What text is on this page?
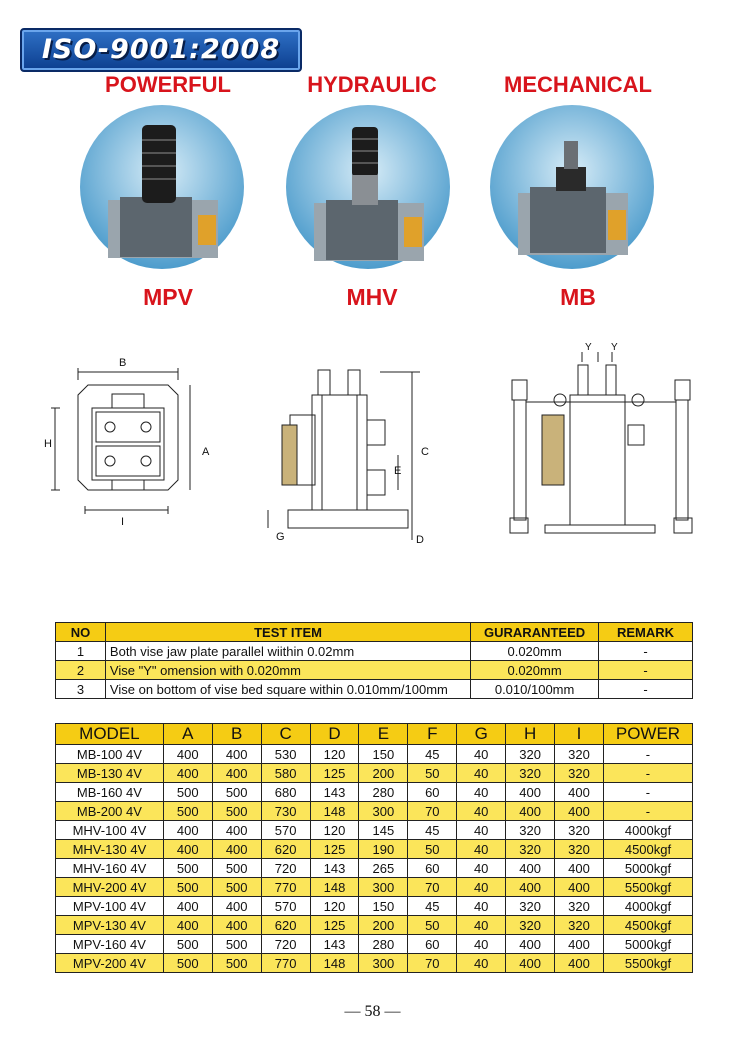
ISO-9001:2008
POWERFUL	HYDRAULIC	MECHANICAL
MPV	MHV	MB
B
H
A
I
C
E
G	D
Y Y
NO	TEST ITEM	GURARANTEED	REMARK
1	Both vise jaw plate parallel wiithin 0.02mm	0.020mm	-
2	Vise "Y" omension with 0.020mm	0.020mm	-
3	Vise on bottom of vise bed square within 0.010mm/100mm	0.010/100mm	-
MODEL	A	B	C	D	E	F	G	H	I	POWER
MB-100 4V	400	400	530	120	150	45	40	320	320	-
MB-130 4V	400	400	580	125	200	50	40	320	320	-
MB-160 4V	500	500	680	143	280	60	40	400	400	-
MB-200 4V	500	500	730	148	300	70	40	400	400	-
MHV-100 4V	400	400	570	120	145	45	40	320	320	4000kgf
MHV-130 4V	400	400	620	125	190	50	40	320	320	4500kgf
MHV-160 4V	500	500	720	143	265	60	40	400	400	5000kgf
MHV-200 4V	500	500	770	148	300	70	40	400	400	5500kgf
MPV-100 4V	400	400	570	120	150	45	40	320	320	4000kgf
MPV-130 4V	400	400	620	125	200	50	40	320	320	4500kgf
MPV-160 4V	500	500	720	143	280	60	40	400	400	5000kgf
MPV-200 4V	500	500	770	148	300	70	40	400	400	5500kgf
— 58 —
